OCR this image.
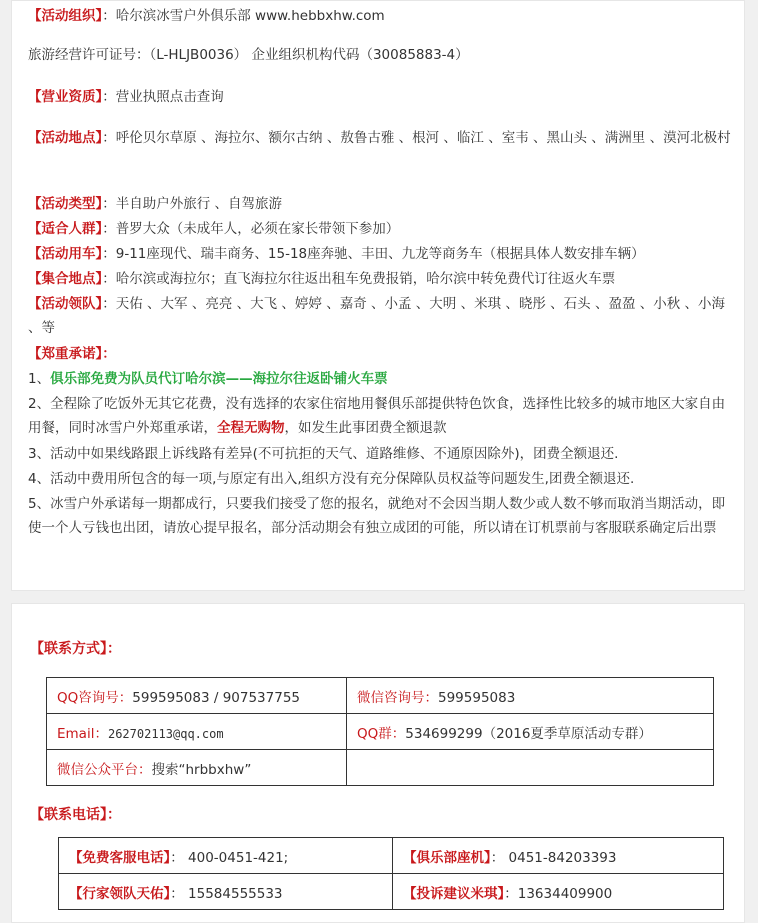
【活动组织】：哈尔滨冰雪户外俱乐部 www.hebbxhw.com
旅游经营许可证号：（L-HLJB0036） 企业组织机构代码（30085883-4）
【营业资质】：营业执照点击查询
【活动地点】：呼伦贝尔草原 、海拉尔、额尔古纳 、敖鲁古雅 、根河 、临江 、室韦 、黑山头 、满洲里 、漠河北极村
【活动类型】：半自助户外旅行 、自驾旅游
【适合人群】：普罗大众（未成年人，必须在家长带领下参加）
【活动用车】：9-11座现代、瑞丰商务、15-18座奔驰、丰田、九龙等商务车（根据具体人数安排车辆）
【集合地点】：哈尔滨或海拉尔；直飞海拉尔往返出租车免费报销，哈尔滨中转免费代订往返火车票
【活动领队】：天佑 、大军 、亮亮 、大飞 、婷婷 、嘉奇 、小孟 、大明 、米琪 、晓彤 、石头 、盈盈 、小秋 、小海 、等
【郑重承诺】：
1、俱乐部免费为队员代订哈尔滨——海拉尔往返卧铺火车票
2、全程除了吃饭外无其它花费，没有选择的农家住宿地用餐俱乐部提供特色饮食，选择性比较多的城市地区大家自由用餐，同时冰雪户外郑重承诺，全程无购物，如发生此事团费全额退款
3、活动中如果线路跟上诉线路有差异(不可抗拒的天气、道路维修、不通原因除外)，团费全额退还.
4、活动中费用所包含的每一项,与原定有出入,组织方没有充分保障队员权益等问题发生,团费全额退还.
5、冰雪户外承诺每一期都成行，只要我们接受了您的报名，就绝对不会因当期人数少或人数不够而取消当期活动，即使一个人亏钱也出团，请放心提早报名，部分活动期会有独立成团的可能，所以请在订机票前与客服联系确定后出票
【联系方式】：
QQ咨询号：599595083 / 907537755	微信咨询号：599595083
Email：262702113@qq.com	QQ群：534699299（2016夏季草原活动专群）
微信公众平台：搜索“hrbbxhw”	
【联系电话】：
【免费客服电话】： 400-0451-421;	【俱乐部座机】： 0451-84203393
【行家领队天佑】： 15584555533	【投诉建议米琪】：13634409900
